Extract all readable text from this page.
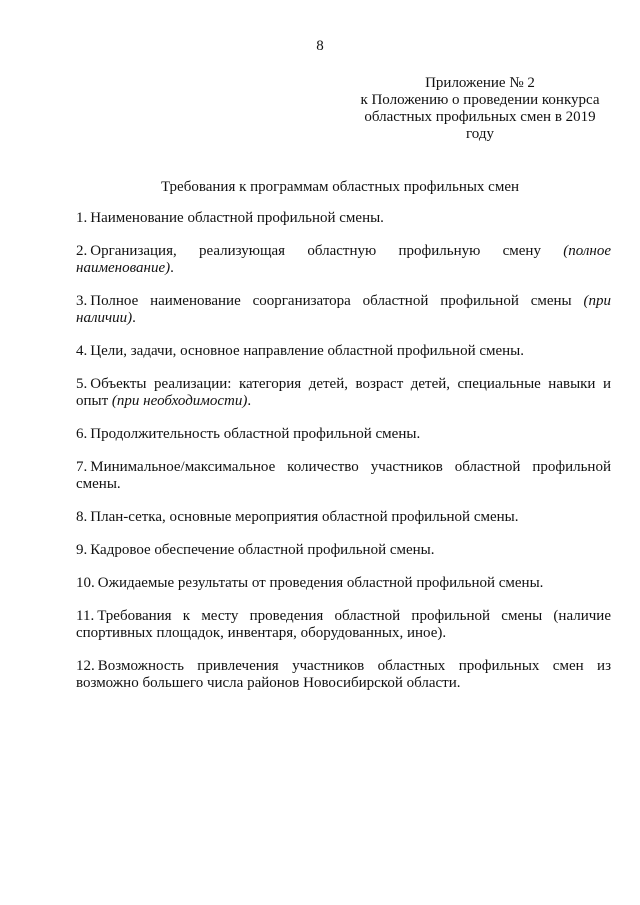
8
Приложение № 2
к Положению о проведении конкурса
областных профильных смен в 2019
году
Требования к программам областных профильных смен

1. Наименование областной профильной смены.

2. Организация, реализующая областную профильную смену (полное наименование).

3. Полное наименование соорганизатора областной профильной смены (при наличии).

4. Цели, задачи, основное направление областной профильной смены.

5. Объекты реализации: категория детей, возраст детей, специальные навыки и опыт (при необходимости).

6. Продолжительность областной профильной смены.

7. Минимальное/максимальное количество участников областной профильной смены.

8. План-сетка, основные мероприятия областной профильной смены.

9. Кадровое обеспечение областной профильной смены.

10. Ожидаемые результаты от проведения областной профильной смены.

11. Требования к месту проведения областной профильной смены (наличие спортивных площадок, инвентаря, оборудованных, иное).

12. Возможность привлечения участников областных профильных смен из возможно большего числа районов Новосибирской области.
